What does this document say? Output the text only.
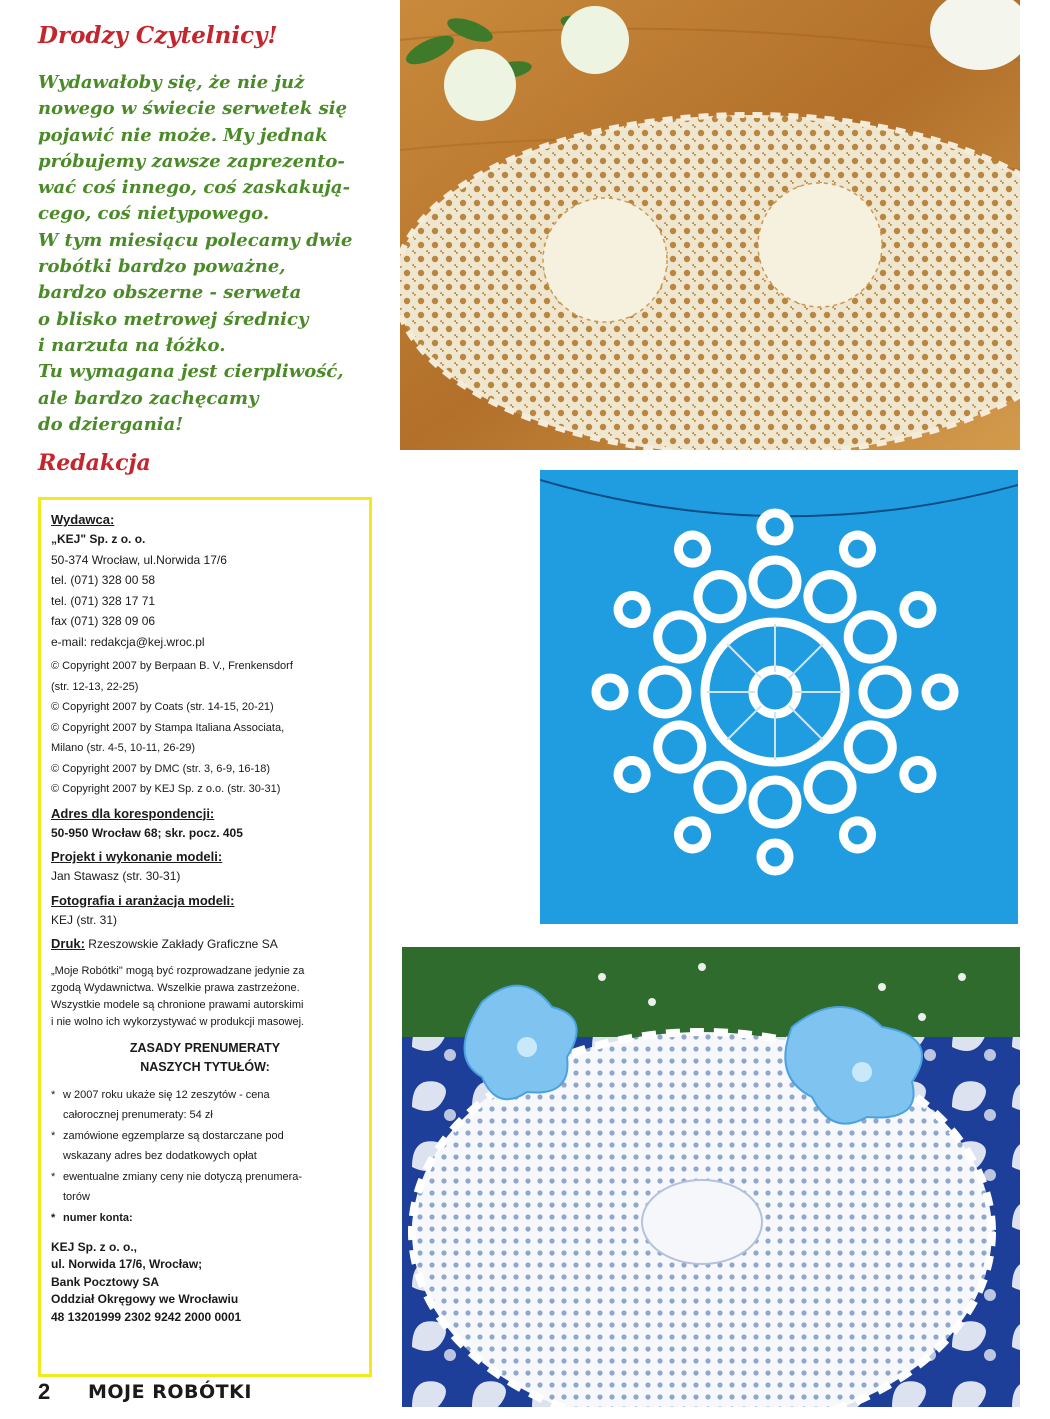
Drodzy Czytelnicy!
Wydawałoby się, że nie już
nowego w świecie serwetek się
pojawić nie może. My jednak
próbujemy zawsze zaprezento-
wać coś innego, coś zaskakują-
cego, coś nietypowego.
W tym miesiącu polecamy dwie
robótki bardzo poważne,
bardzo obszerne - serweta
o blisko metrowej średnicy
i narzuta na łóżko.
Tu wymagana jest cierpliwość,
ale bardzo zachęcamy
do dziergania!
Redakcja
Wydawca:
„KEJ" Sp. z o. o.
50-374 Wrocław, ul.Norwida 17/6
tel. (071) 328 00 58
tel. (071) 328 17 71
fax (071) 328 09 06
e-mail: redakcja@kej.wroc.pl
© Copyright 2007 by Berpaan B. V., Frenkensdorf
(str. 12-13, 22-25)
© Copyright 2007 by Coats (str. 14-15, 20-21)
© Copyright 2007 by Stampa Italiana Associata,
Milano (str. 4-5, 10-11, 26-29)
© Copyright 2007 by DMC (str. 3, 6-9, 16-18)
© Copyright 2007 by KEJ Sp. z o.o. (str. 30-31)
Adres dla korespondencji:
50-950 Wrocław 68; skr. pocz. 405
Projekt i wykonanie modeli:
Jan Stawasz (str. 30-31)
Fotografia i aranżacja modeli:
KEJ (str. 31)
Druk: Rzeszowskie Zakłady Graficzne SA
„Moje Robótki" mogą być rozprowadzane jedynie za
zgodą Wydawnictwa. Wszelkie prawa zastrzeżone.
Wszystkie modele są chronione prawami autorskimi
i nie wolno ich wykorzystywać w produkcji masowej.
ZASADY PRENUMERATY
NASZYCH TYTUŁÓW:
* w 2007 roku ukaże się 12 zeszytów - cena
całorocznej prenumeraty: 54 zł
* zamówione egzemplarze są dostarczane pod
wskazany adres bez dodatkowych opłat
* ewentualne zmiany ceny nie dotyczą prenumera-
torów
* numer konta:
KEJ Sp. z o. o.,
ul. Norwida 17/6, Wrocław;
Bank Pocztowy SA
Oddział Okręgowy we Wrocławiu
48 13201999 2302 9242 2000 0001
2 MOJE ROBÓTKI
